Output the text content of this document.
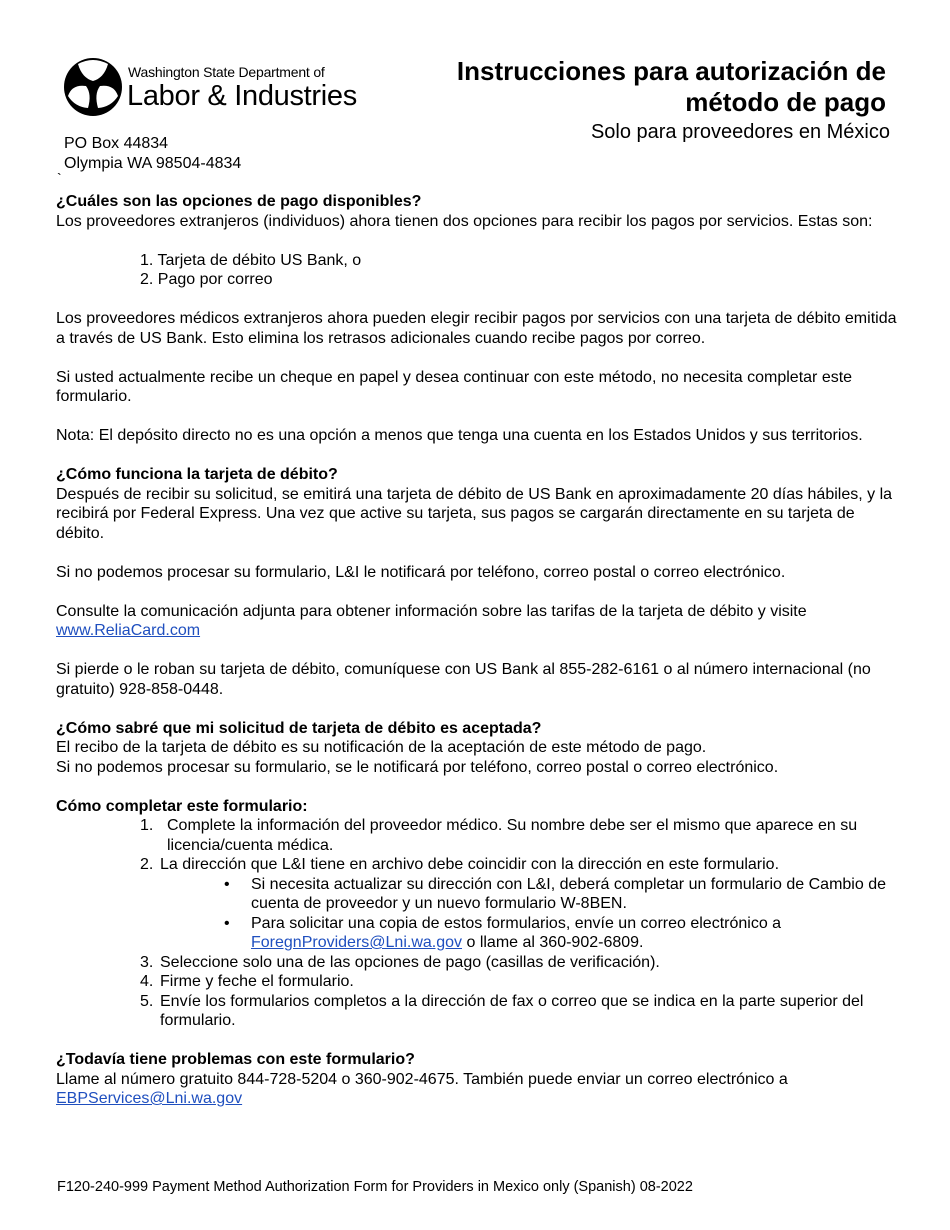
Washington State Department of
Labor & Industries
PO Box 44834
Olympia WA 98504-4834
Instrucciones para autorización de método de pago
Solo para proveedores en México
`

¿Cuáles son las opciones de pago disponibles?

Los proveedores extranjeros (individuos) ahora tienen dos opciones para recibir los pagos por servicios. Estas son:

1. Tarjeta de débito US Bank, o

2. Pago por correo

Los proveedores médicos extranjeros ahora pueden elegir recibir pagos por servicios con una tarjeta de débito emitida a través de US Bank. Esto elimina los retrasos adicionales cuando recibe pagos por correo.

Si usted actualmente recibe un cheque en papel y desea continuar con este método, no necesita completar este formulario.

Nota: El depósito directo no es una opción a menos que tenga una cuenta en los Estados Unidos y sus territorios.

¿Cómo funciona la tarjeta de débito?

Después de recibir su solicitud, se emitirá una tarjeta de débito de US Bank en aproximadamente 20 días hábiles, y la recibirá por Federal Express. Una vez que active su tarjeta, sus pagos se cargarán directamente en su tarjeta de débito.

Si no podemos procesar su formulario, L&I le notificará por teléfono, correo postal o correo electrónico.

Consulte la comunicación adjunta para obtener información sobre las tarifas de la tarjeta de débito y visite

www.ReliaCard.com

Si pierde o le roban su tarjeta de débito, comuníquese con US Bank al 855-282-6161 o al número internacional (no gratuito) 928-858-0448.

¿Cómo sabré que mi solicitud de tarjeta de débito es aceptada?

El recibo de la tarjeta de débito es su notificación de la aceptación de este método de pago.

Si no podemos procesar su formulario, se le notificará por teléfono, correo postal o correo electrónico.

Cómo completar este formulario:

1. Complete la información del proveedor médico. Su nombre debe ser el mismo que aparece en su licencia/cuenta médica.
2. La dirección que L&I tiene en archivo debe coincidir con la dirección en este formulario.
•	Si necesita actualizar su dirección con L&I, deberá completar un formulario de Cambio de cuenta de proveedor y un nuevo formulario W-8BEN.
•	Para solicitar una copia de estos formularios, envíe un correo electrónico a ForegnProviders@Lni.wa.gov o llame al 360-902-6809.
3. Seleccione solo una de las opciones de pago (casillas de verificación).
4. Firme y feche el formulario.
5. Envíe los formularios completos a la dirección de fax o correo que se indica en la parte superior del formulario.

¿Todavía tiene problemas con este formulario?

Llame al número gratuito 844-728-5204 o 360-902-4675. También puede enviar un correo electrónico a

EBPServices@Lni.wa.gov

F120-240-999 Payment Method Authorization Form for Providers in Mexico only (Spanish) 08-2022
